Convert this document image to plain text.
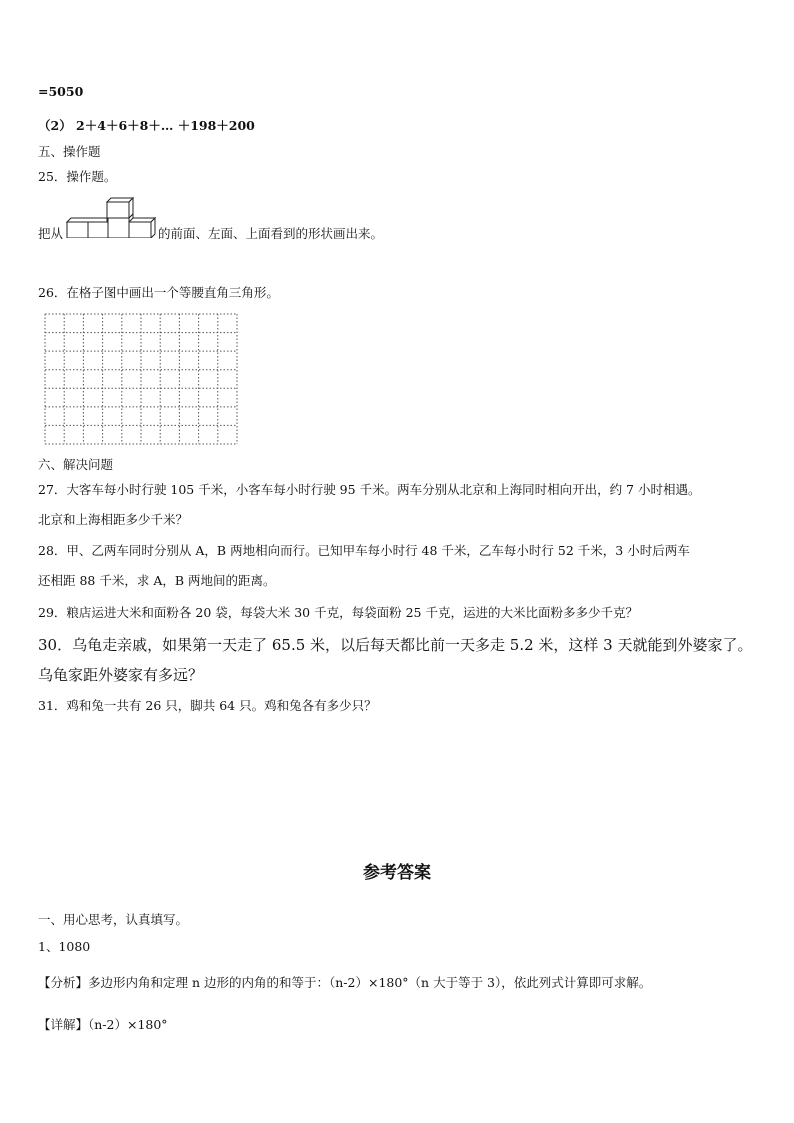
=5050
（2） 2＋4＋6＋8＋… ＋198＋200
五、操作题
25．操作题。
把从	的前面、左面、上面看到的形状画出来。
26．在格子图中画出一个等腰直角三角形。
六、解决问题
27．大客车每小时行驶 105 千米，小客车每小时行驶 95 千米。两车分别从北京和上海同时相向开出，约 7 小时相遇。
北京和上海相距多少千米？
28．甲、乙两车同时分别从 A，B 两地相向而行。已知甲车每小时行 48 千米，乙车每小时行 52 千米，3 小时后两车
还相距 88 千米，求 A，B 两地间的距离。
29．粮店运进大米和面粉各 20 袋，每袋大米 30 千克，每袋面粉 25 千克，运进的大米比面粉多多少千克？
30．乌龟走亲戚，如果第一天走了 65.5 米，以后每天都比前一天多走 5.2 米，这样 3 天就能到外婆家了。
乌龟家距外婆家有多远？
31．鸡和兔一共有 26 只，脚共 64 只。鸡和兔各有多少只？
参考答案
一、用心思考，认真填写。
1、1080
【分析】多边形内角和定理 n 边形的内角的和等于：（n-2）×180°（n 大于等于 3），依此列式计算即可求解。
【详解】（n-2）×180°
